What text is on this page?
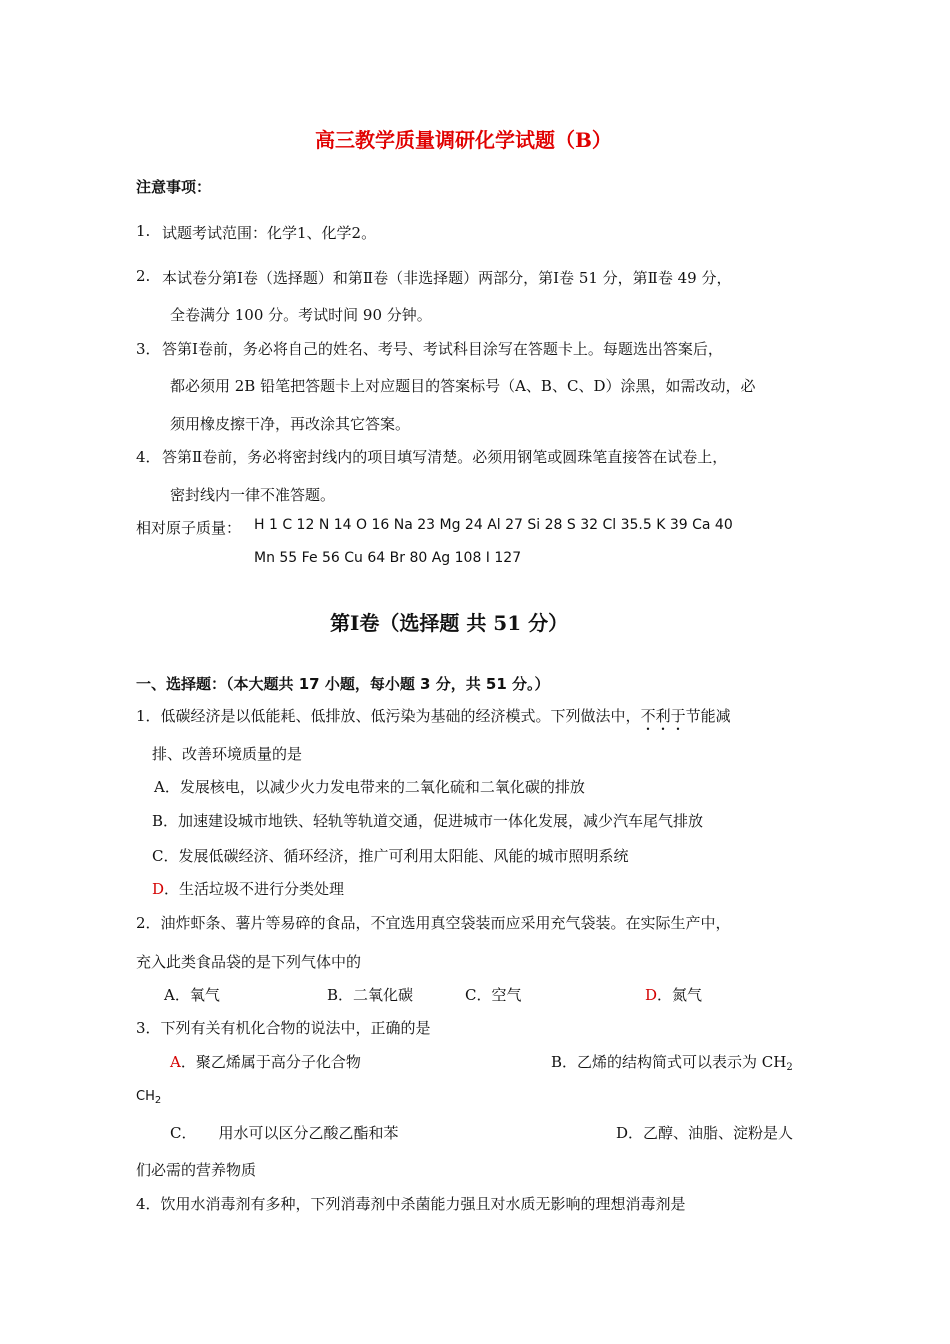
高三教学质量调研化学试题（B）
注意事项：
1. 试题考试范围：化学1、化学2。
2. 本试卷分第Ⅰ卷（选择题）和第Ⅱ卷（非选择题）两部分，第Ⅰ卷 51 分，第Ⅱ卷 49 分，
全卷满分 100 分。考试时间 90 分钟。
3． 答第Ⅰ卷前，务必将自己的姓名、考号、考试科目涂写在答题卡上。每题选出答案后，
都必须用 2B 铅笔把答题卡上对应题目的答案标号（A、B、C、D）涂黑，如需改动，必
须用橡皮擦干净，再改涂其它答案。
4． 答第Ⅱ卷前，务必将密封线内的项目填写清楚。必须用钢笔或圆珠笔直接答在试卷上，
密封线内一律不准答题。
相对原子质量： H 1 C 12 N 14 O 16 Na 23 Mg 24 Al 27 Si 28 S 32 Cl 35.5 K 39 Ca 40
Mn 55 Fe 56 Cu 64 Br 80 Ag 108 I 127
第Ⅰ卷（选择题 共 51 分）
一、选择题：（本大题共 17 小题，每小题 3 分，共 51 分。）
1．低碳经济是以低能耗、低排放、低污染为基础的经济模式。下列做法中，不利于节能减
排、改善环境质量的是
A．发展核电，以减少火力发电带来的二氧化硫和二氧化碳的排放
B．加速建设城市地铁、轻轨等轨道交通，促进城市一体化发展，减少汽车尾气排放
C．发展低碳经济、循环经济，推广可利用太阳能、风能的城市照明系统
D．生活垃圾不进行分类处理
2．油炸虾条、薯片等易碎的食品，不宜选用真空袋装而应采用充气袋装。在实际生产中，
充入此类食品袋的是下列气体中的
A．氧气	B．二氧化碳	C．空气	D．氮气
3．下列有关有机化合物的说法中，正确的是
A．聚乙烯属于高分子化合物	B．乙烯的结构简式可以表示为 $CH_2$
$CH_2$
C． 用水可以区分乙酸乙酯和苯	D．乙醇、油脂、淀粉是人
们必需的营养物质
4．饮用水消毒剂有多种，下列消毒剂中杀菌能力强且对水质无影响的理想消毒剂是
